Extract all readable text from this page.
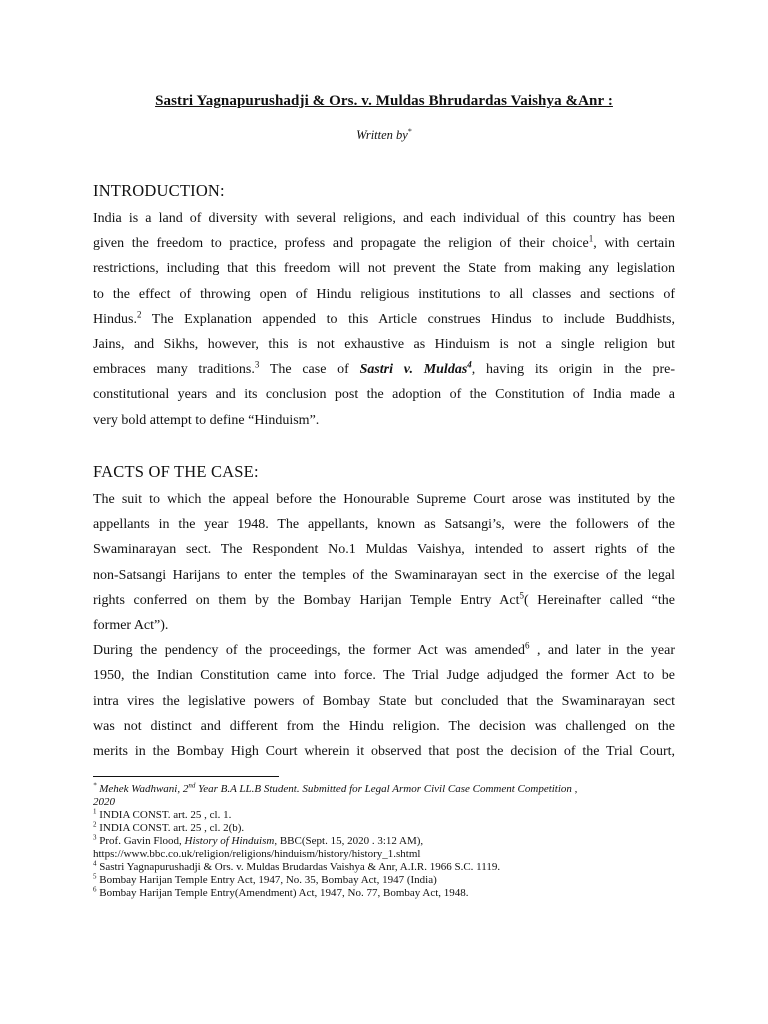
Sastri Yagnapurushadji & Ors. v. Muldas Bhrudardas Vaishya &Anr :
Written by*
INTRODUCTION:
India is a land of diversity with several religions, and each individual of this country has been
given the freedom to practice, profess and propagate the religion of their choice$^1$, with certain
restrictions, including that this freedom will not prevent the State from making any legislation
to the effect of throwing open of Hindu religious institutions to all classes and sections of
Hindus.$^2$ The Explanation appended to this Article construes Hindus to include Buddhists,
Jains, and Sikhs, however, this is not exhaustive as Hinduism is not a single religion but
embraces many traditions.$^3$ The case of Sastri v. Muldas$^4$, having its origin in the pre-
constitutional years and its conclusion post the adoption of the Constitution of India made a
very bold attempt to define “Hinduism”.
FACTS OF THE CASE:
The suit to which the appeal before the Honourable Supreme Court arose was instituted by the
appellants in the year 1948. The appellants, known as Satsangi’s, were the followers of the
Swaminarayan sect. The Respondent No.1 Muldas Vaishya, intended to assert rights of the
non-Satsangi Harijans to enter the temples of the Swaminarayan sect in the exercise of the legal
rights conferred on them by the Bombay Harijan Temple Entry Act$^5$( Hereinafter called “the
former Act”).
During the pendency of the proceedings, the former Act was amended$^6$ , and later in the year
1950, the Indian Constitution came into force. The Trial Judge adjudged the former Act to be
intra vires the legislative powers of Bombay State but concluded that the Swaminarayan sect
was not distinct and different from the Hindu religion. The decision was challenged on the
merits in the Bombay High Court wherein it observed that post the decision of the Trial Court,
* Mehek Wadhwani, 2nd Year B.A LL.B Student. Submitted for Legal Armor Civil Case Comment Competition ,
2020
$^1$ INDIA CONST. art. 25 , cl. 1.
$^2$ INDIA CONST. art. 25 , cl. 2(b).
$^3$ Prof. Gavin Flood, History of Hinduism, BBC(Sept. 15, 2020 . 3:12 AM),
https://www.bbc.co.uk/religion/religions/hinduism/history/history_1.shtml
$^4$ Sastri Yagnapurushadji & Ors. v. Muldas Brudardas Vaishya & Anr, A.I.R. 1966 S.C. 1119.
$^5$ Bombay Harijan Temple Entry Act, 1947, No. 35, Bombay Act, 1947 (India)
$^6$ Bombay Harijan Temple Entry(Amendment) Act, 1947, No. 77, Bombay Act, 1948.
